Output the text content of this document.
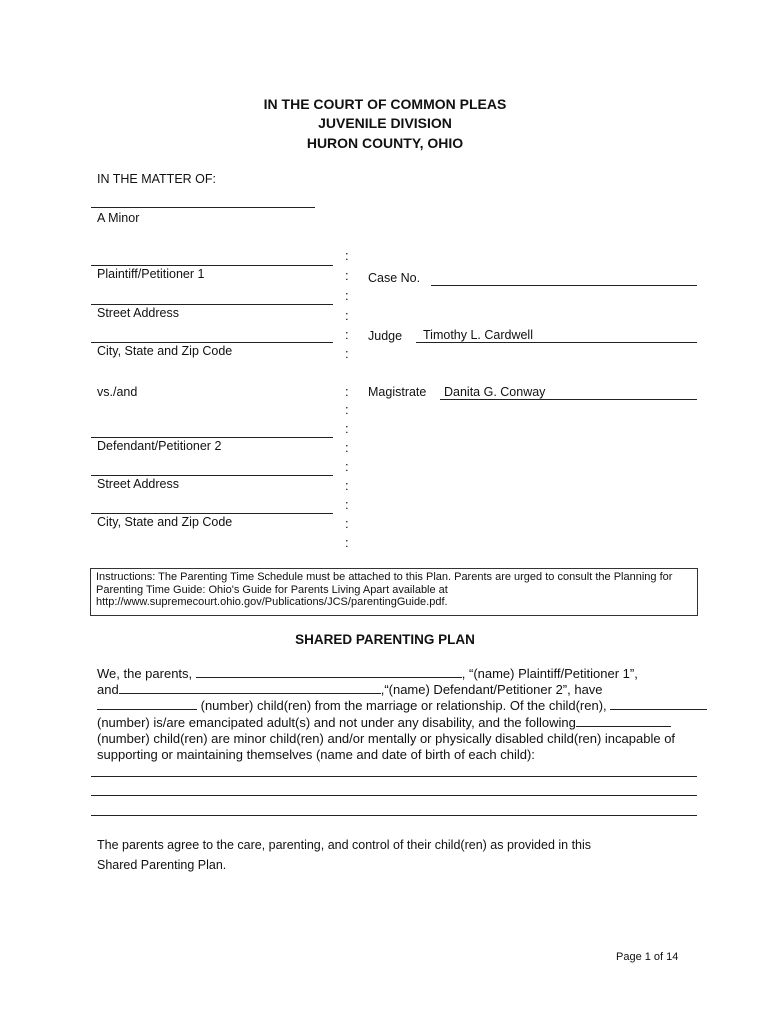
IN THE COURT OF COMMON PLEAS
JUVENILE DIVISION
HURON COUNTY, OHIO
IN THE MATTER OF:
A Minor
Plaintiff/Petitioner 1
Street Address
City, State and Zip Code
vs./and
Defendant/Petitioner 2
Street Address
City, State and Zip Code
:
:
:
:
:
:
:
:
:
:
:
:
:
:
:
Case No.
Judge	Timothy L. Cardwell
Magistrate	Danita G. Conway
Instructions: The Parenting Time Schedule must be attached to this Plan. Parents are urged to consult the Planning for Parenting Time Guide: Ohio's Guide for Parents Living Apart available at http://www.supremecourt.ohio.gov/Publications/JCS/parentingGuide.pdf.
SHARED PARENTING PLAN
We, the parents,	, “(name) Plaintiff/Petitioner 1”,
and	,“(name) Defendant/Petitioner 2”, have
(number) child(ren) from the marriage or relationship. Of the child(ren),
(number) is/are emancipated adult(s) and not under any disability, and the following
(number) child(ren) are minor child(ren) and/or mentally or physically disabled child(ren) incapable of
supporting or maintaining themselves (name and date of birth of each child):
The parents agree to the care, parenting, and control of their child(ren) as provided in this
Shared Parenting Plan.
Page 1 of 14
